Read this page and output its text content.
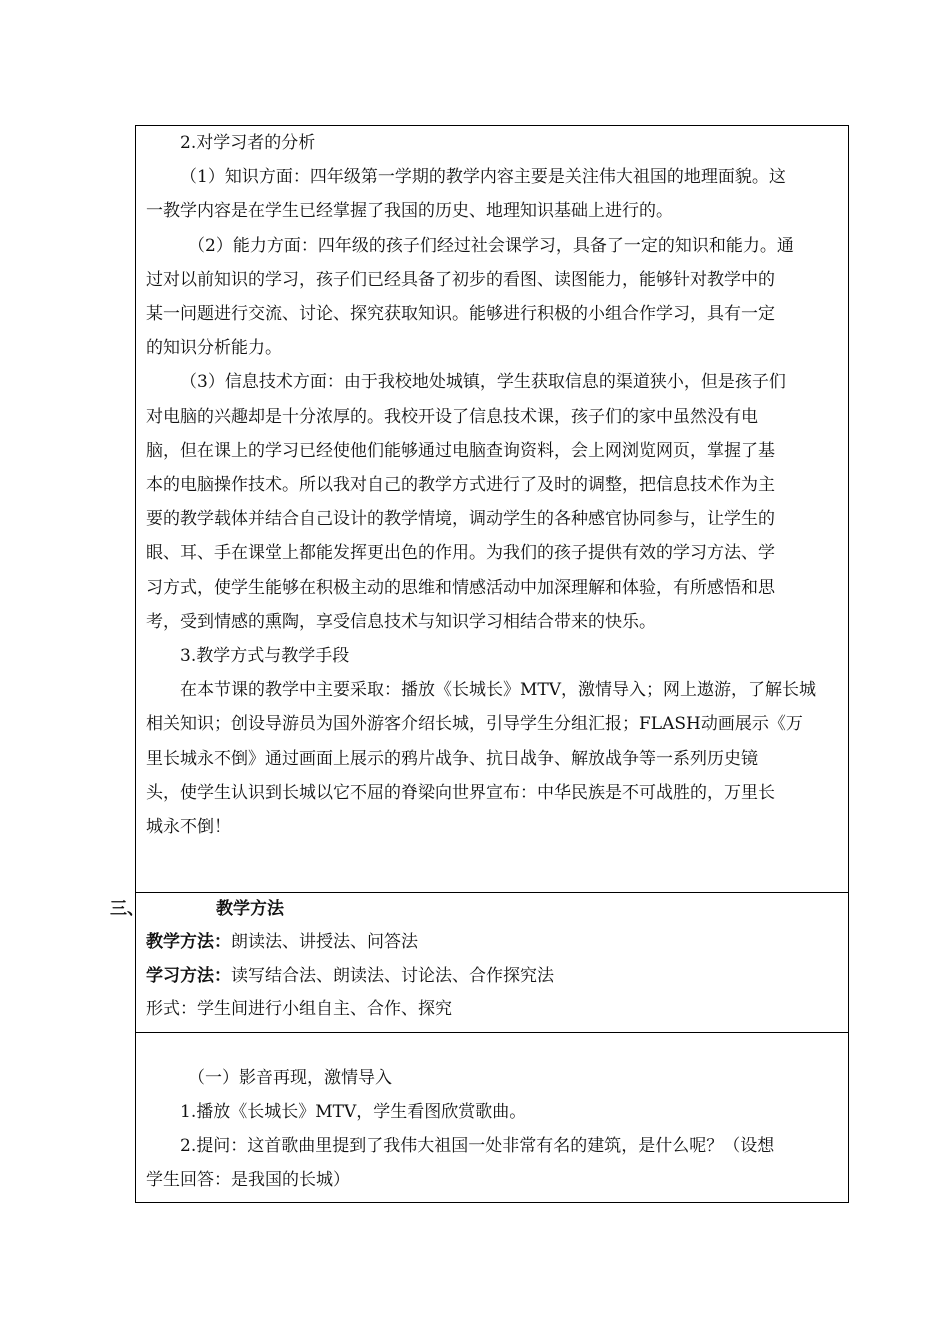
2.对学习者的分析
（1）知识方面：四年级第一学期的教学内容主要是关注伟大祖国的地理面貌。这
一教学内容是在学生已经掌握了我国的历史、地理知识基础上进行的。
（2）能力方面：四年级的孩子们经过社会课学习，具备了一定的知识和能力。通
过对以前知识的学习，孩子们已经具备了初步的看图、读图能力，能够针对教学中的
某一问题进行交流、讨论、探究获取知识。能够进行积极的小组合作学习，具有一定
的知识分析能力。
（3）信息技术方面：由于我校地处城镇，学生获取信息的渠道狭小，但是孩子们
对电脑的兴趣却是十分浓厚的。我校开设了信息技术课，孩子们的家中虽然没有电
脑，但在课上的学习已经使他们能够通过电脑查询资料，会上网浏览网页，掌握了基
本的电脑操作技术。所以我对自己的教学方式进行了及时的调整，把信息技术作为主
要的教学载体并结合自己设计的教学情境，调动学生的各种感官协同参与，让学生的
眼、耳、手在课堂上都能发挥更出色的作用。为我们的孩子提供有效的学习方法、学
习方式，使学生能够在积极主动的思维和情感活动中加深理解和体验，有所感悟和思
考，受到情感的熏陶，享受信息技术与知识学习相结合带来的快乐。
3.教学方式与教学手段
在本节课的教学中主要采取：播放《长城长》MTV，激情导入；网上遨游，了解长城
相关知识；创设导游员为国外游客介绍长城，引导学生分组汇报；FLASH动画展示《万
里长城永不倒》通过画面上展示的鸦片战争、抗日战争、解放战争等一系列历史镜
头，使学生认识到长城以它不屈的脊梁向世界宣布：中华民族是不可战胜的，万里长
城永不倒！
三、	教学方法
教学方法：朗读法、讲授法、问答法
学习方法：读写结合法、朗读法、讨论法、合作探究法
形式：学生间进行小组自主、合作、探究
（一）影音再现，激情导入
1.播放《长城长》MTV，学生看图欣赏歌曲。
2.提问：这首歌曲里提到了我伟大祖国一处非常有名的建筑，是什么呢？（设想
学生回答：是我国的长城）
